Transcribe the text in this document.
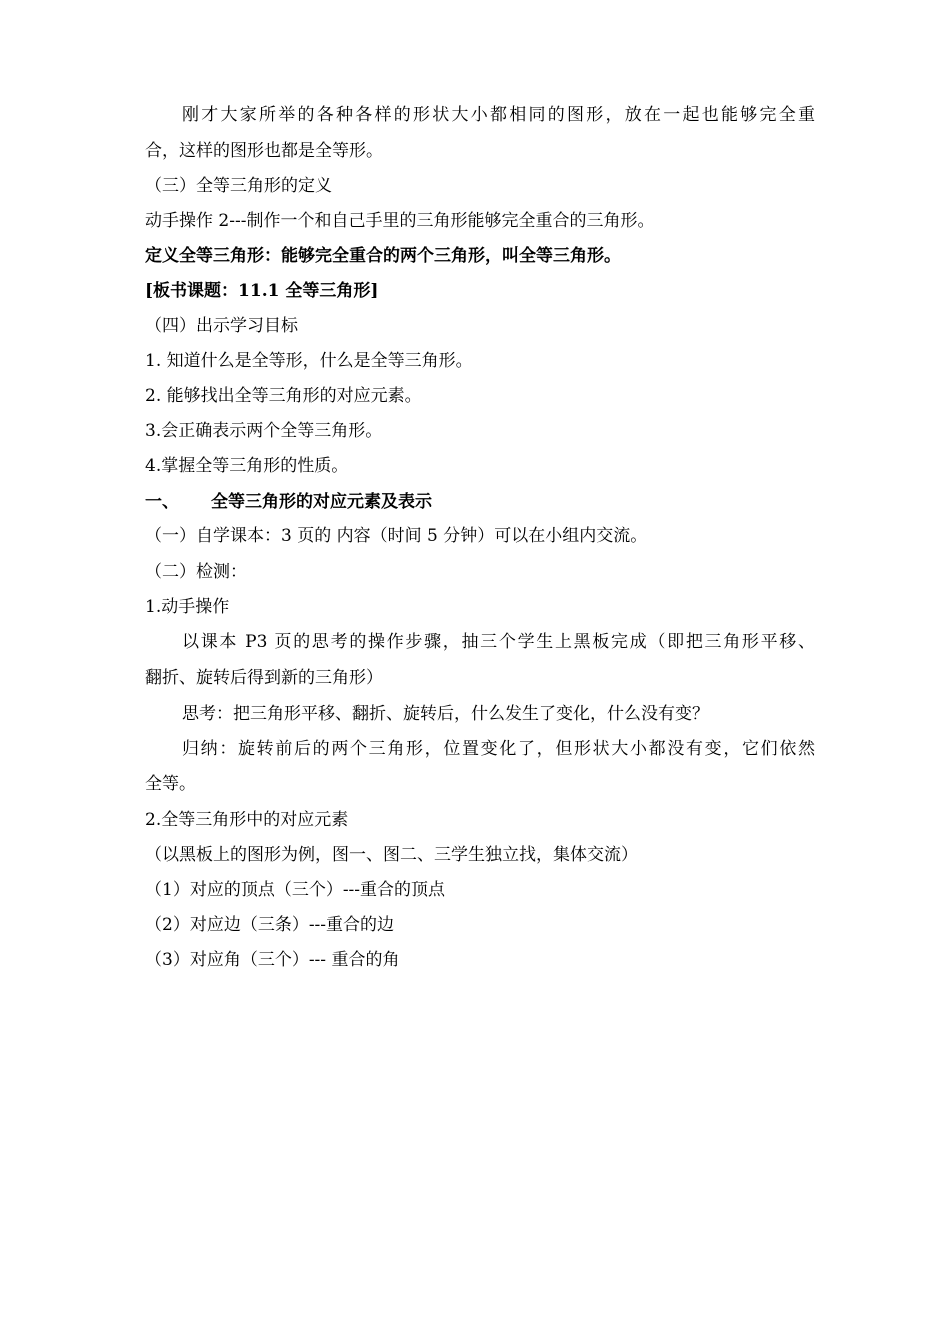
刚才大家所举的各种各样的形状大小都相同的图形，放在一起也能够完全重
合，这样的图形也都是全等形。
（三）全等三角形的定义
动手操作 2---制作一个和自己手里的三角形能够完全重合的三角形。
定义全等三角形：能够完全重合的两个三角形，叫全等三角形。
[板书课题：11.1 全等三角形]
（四）出示学习目标
1. 知道什么是全等形，什么是全等三角形。
2. 能够找出全等三角形的对应元素。
3.会正确表示两个全等三角形。
4.掌握全等三角形的性质。
一、 全等三角形的对应元素及表示
（一）自学课本：3 页的 内容（时间 5 分钟）可以在小组内交流。
（二）检测：
1.动手操作
以课本 P3 页的思考的操作步骤，抽三个学生上黑板完成（即把三角形平移、
翻折、旋转后得到新的三角形）
思考：把三角形平移、翻折、旋转后，什么发生了变化，什么没有变？
归纳：旋转前后的两个三角形，位置变化了，但形状大小都没有变，它们依然
全等。
2.全等三角形中的对应元素
（以黑板上的图形为例，图一、图二、三学生独立找，集体交流）
（1）对应的顶点（三个）---重合的顶点
（2）对应边（三条）---重合的边
（3）对应角（三个）--- 重合的角
